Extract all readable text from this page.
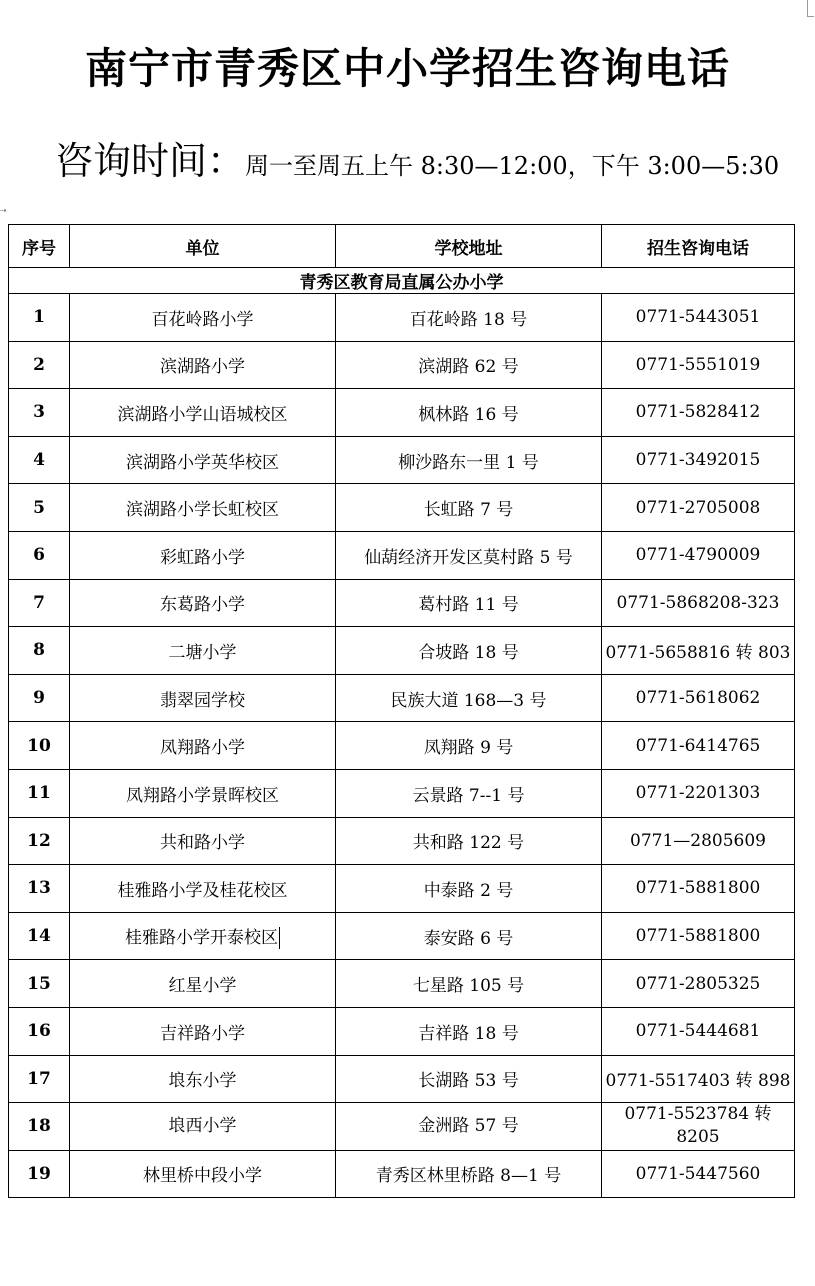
南宁市青秀区中小学招生咨询电话
咨询时间：周一至周五上午 8:30—12:00，下午 3:00—5:30
⇢
序号	单位	学校地址	招生咨询电话
青秀区教育局直属公办小学			
1	百花岭路小学	百花岭路 18 号	0771-5443051
2	滨湖路小学	滨湖路 62 号	0771-5551019
3	滨湖路小学山语城校区	枫林路 16 号	0771-5828412
4	滨湖路小学英华校区	柳沙路东一里 1 号	0771-3492015
5	滨湖路小学长虹校区	长虹路 7 号	0771-2705008
6	彩虹路小学	仙葫经济开发区莫村路 5 号	0771-4790009
7	东葛路小学	葛村路 11 号	0771-5868208-323
8	二塘小学	合坡路 18 号	0771-5658816 转 803
9	翡翠园学校	民族大道 168—3 号	0771-5618062
10	凤翔路小学	凤翔路 9 号	0771-6414765
11	凤翔路小学景晖校区	云景路 7--1 号	0771-2201303
12	共和路小学	共和路 122 号	0771—2805609
13	桂雅路小学及桂花校区	中泰路 2 号	0771-5881800
14	桂雅路小学开泰校区	泰安路 6 号	0771-5881800
15	红星小学	七星路 105 号	0771-2805325
16	吉祥路小学	吉祥路 18 号	0771-5444681
17	埌东小学	长湖路 53 号	0771-5517403 转 898
18	埌西小学	金洲路 57 号	0771-5523784 转 8205
19	林里桥中段小学	青秀区林里桥路 8—1 号	0771-5447560
